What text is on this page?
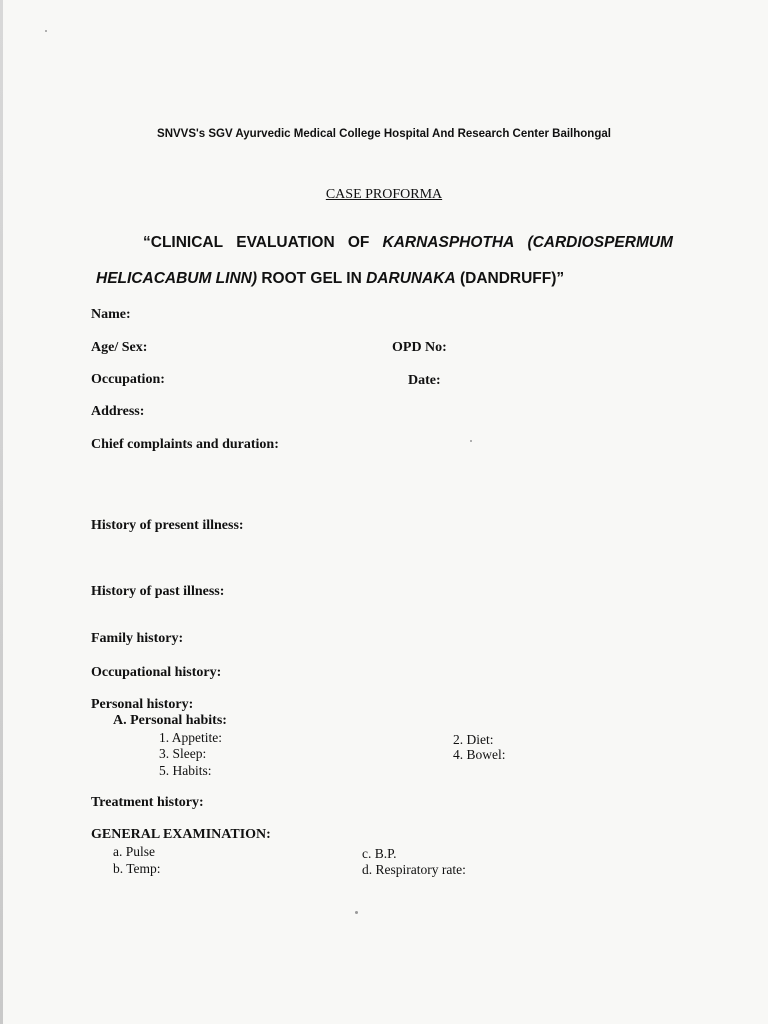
SNVVS's SGV Ayurvedic Medical College Hospital And Research Center Bailhongal
CASE PROFORMA
“CLINICAL EVALUATION OF KARNASPHOTHA (CARDIOSPERMUM
HELICACABUM LINN) ROOT GEL IN DARUNAKA (DANDRUFF)”
Name:
Age/ Sex:	OPD No:
Occupation:	Date:
Address:
Chief complaints and duration:
History of present illness:
History of past illness:
Family history:
Occupational history:
Personal history:
A. Personal habits:
1. Appetite:
3. Sleep:
5. Habits:
2. Diet:
4. Bowel:
Treatment history:
GENERAL EXAMINATION:
a. Pulse
b. Temp:
c. B.P.
d. Respiratory rate:
